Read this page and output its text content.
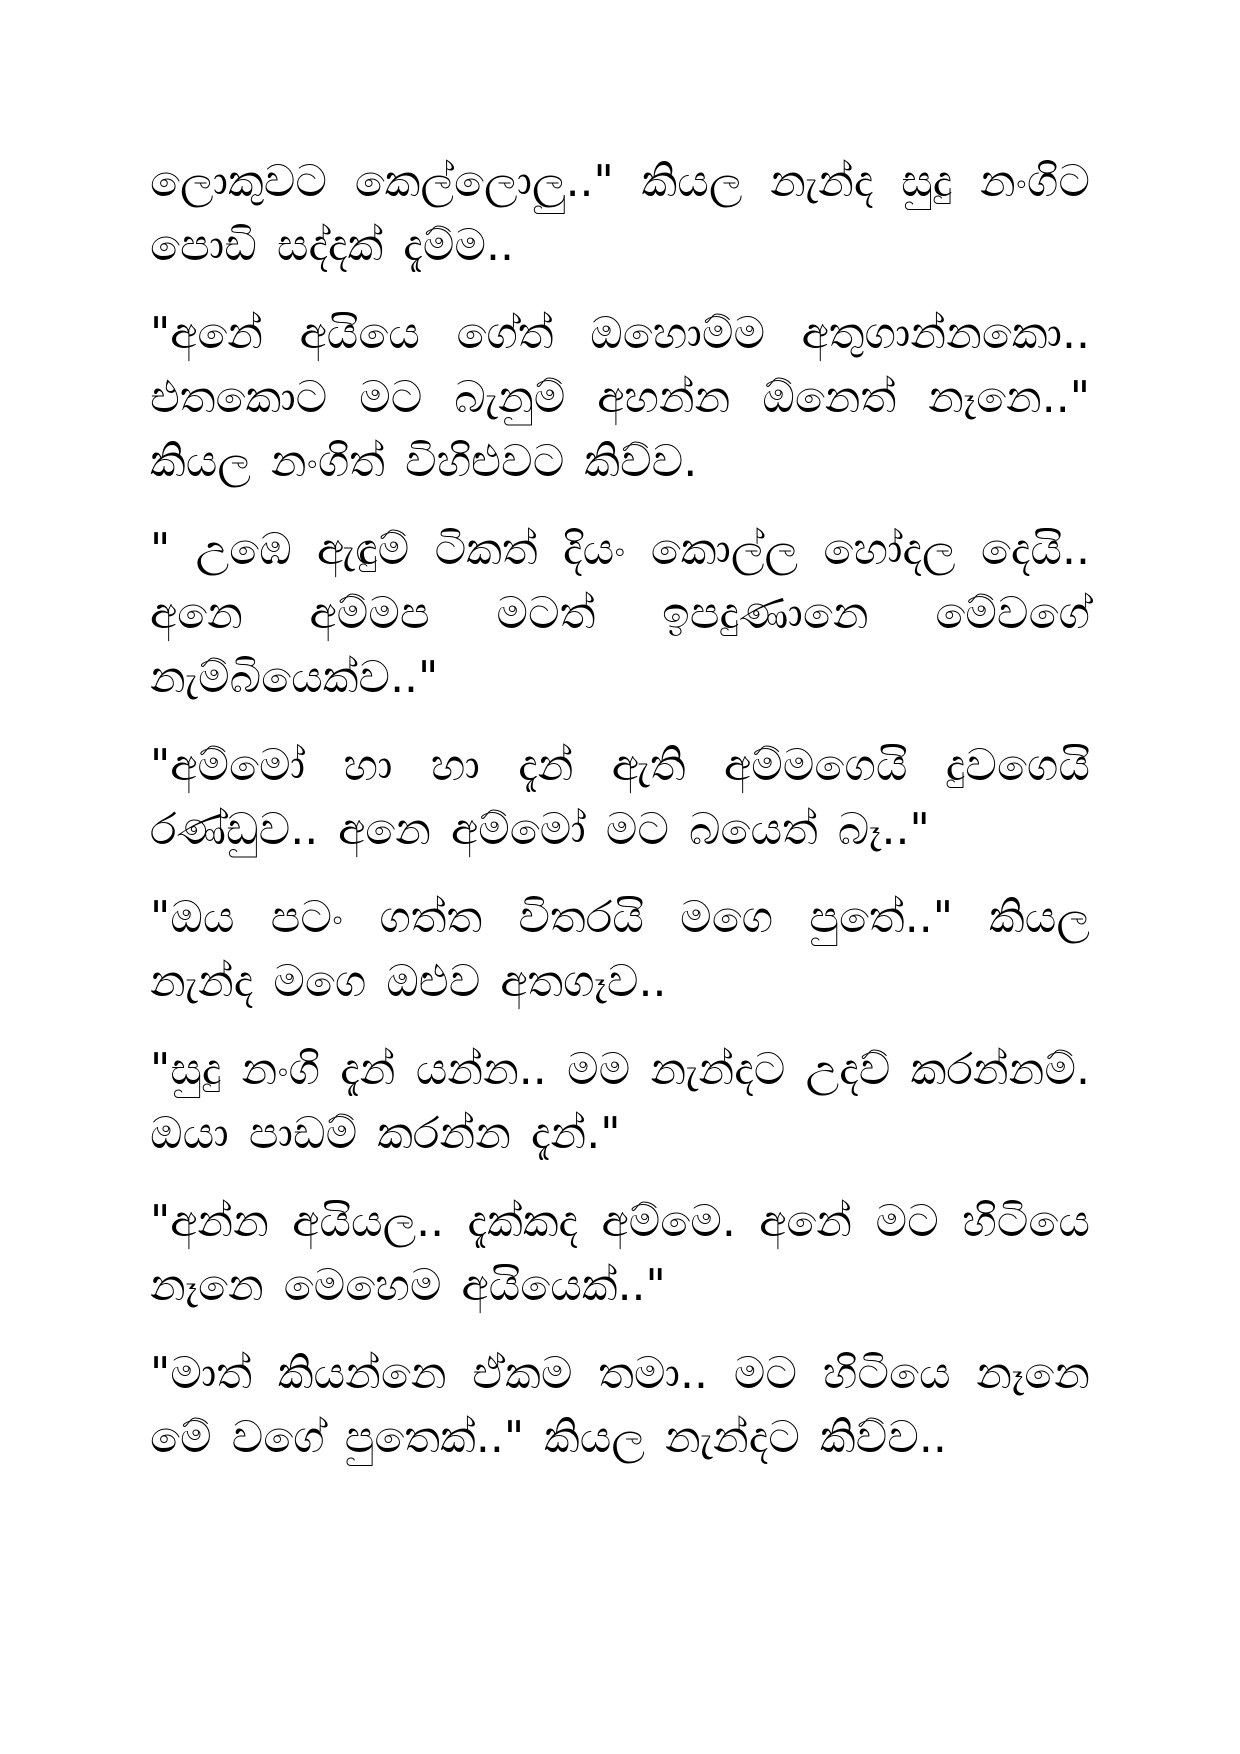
ලොකුවට කෙල්ලොලු.." කියල නැන්ද සුදු නංගිට පොඩි සද්දක් දැම්ම..

"අනේ අයියෙ ගේත් ඔහොම්ම අතුගාන්නකො.. එතකොට මට බැනුම් අහන්න ඕනෙත් නෑනෙ.." කියල නංගිත් විහිළුවට කිව්ව.

" උඹෙ ඇඳුම් ටිකත් දියං කොල්ල හෝදල දෙයි.. අනෙ අම්මප මටත් ඉපදුණානෙ මේවගේ නැම්බියෙක්ව.."

"අම්මෝ හා හා දැන් ඇති අම්මගෙයි දුවගෙයි රණ්ඩුව.. අනෙ අම්මෝ මට බයෙත් බෑ.."

"ඔය පටං ගත්ත විතරයි මගෙ පුතේ.." කියල නැන්ද මගෙ ඔළුව අතගෑව..

"සුදු නංගි දැන් යන්න.. මම නැන්දට උදව් කරන්නම්. ඔයා පාඩම් කරන්න දැන්."

"අන්න අයියල.. දැක්කද අම්මෙ. අනේ මට හිටියෙ නෑනෙ මෙහෙම අයියෙක්.."

"මාත් කියන්නෙ ඒකම තමා.. මට හිටියෙ නෑනෙ මේ වගේ පුතෙක්.." කියල නැන්දට කිව්ව..
